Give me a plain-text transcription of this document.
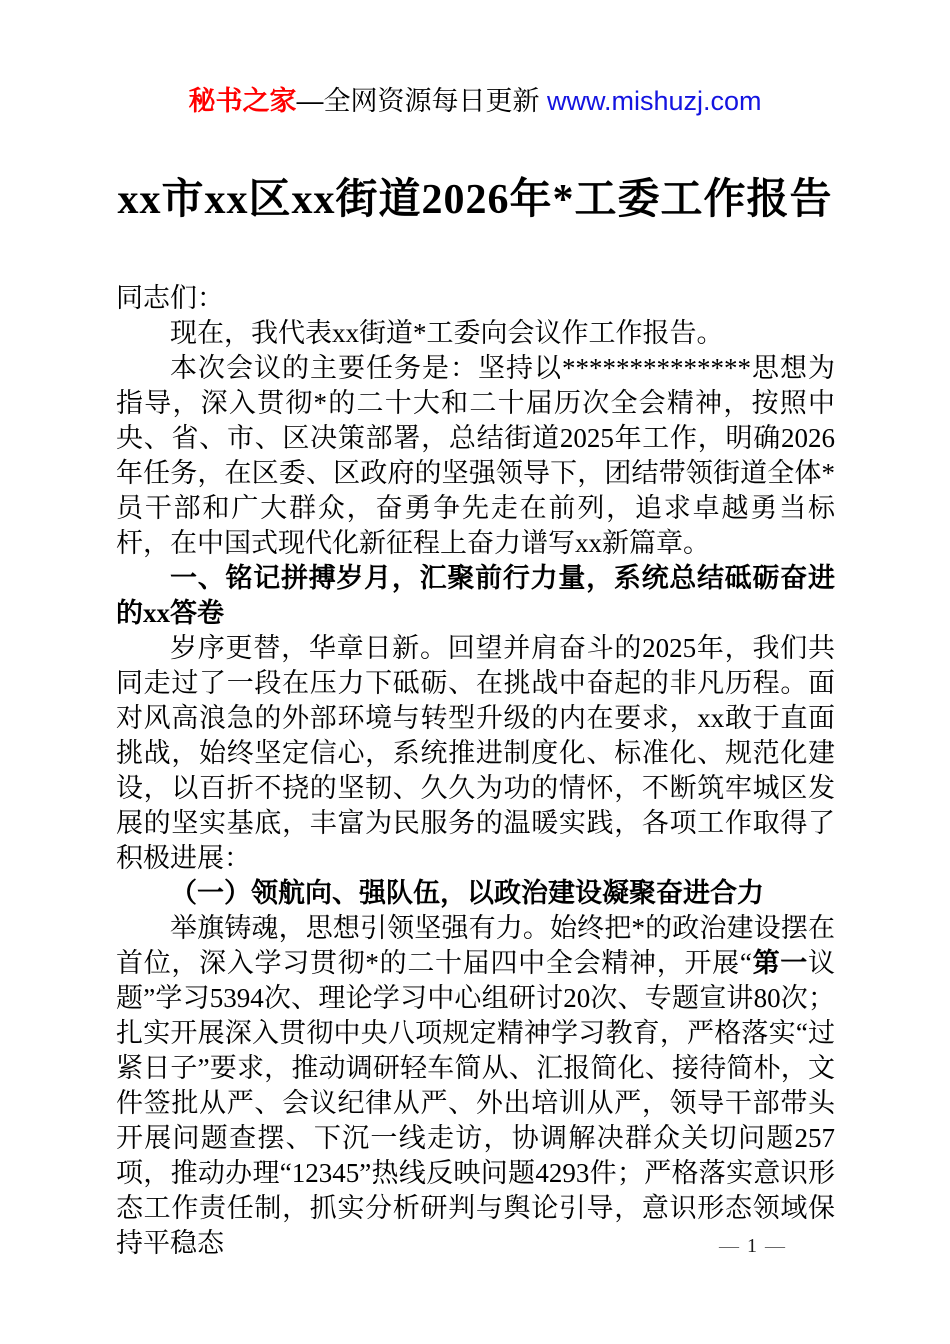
秘书之家—全网资源每日更新 www.mishuzj.com
xx市xx区xx街道2026年*工委工作报告

同志们：

现在，我代表xx街道*工委向会议作工作报告。

本次会议的主要任务是：坚持以**************思想为指导，深入贯彻*的二十大和二十届历次全会精神，按照中央、省、市、区决策部署，总结街道2025年工作，明确2026年任务，在区委、区政府的坚强领导下，团结带领街道全体*员干部和广大群众，奋勇争先走在前列，追求卓越勇当标杆，在中国式现代化新征程上奋力谱写xx新篇章。

一、铭记拼搏岁月，汇聚前行力量，系统总结砥砺奋进的xx答卷

岁序更替，华章日新。回望并肩奋斗的2025年，我们共同走过了一段在压力下砥砺、在挑战中奋起的非凡历程。面对风高浪急的外部环境与转型升级的内在要求，xx敢于直面挑战，始终坚定信心，系统推进制度化、标准化、规范化建设，以百折不挠的坚韧、久久为功的情怀，不断筑牢城区发展的坚实基底，丰富为民服务的温暖实践，各项工作取得了积极进展：

（一）领航向、强队伍，以政治建设凝聚奋进合力

举旗铸魂，思想引领坚强有力。始终把*的政治建设摆在首位，深入学习贯彻*的二十届四中全会精神，开展“第一议题”学习5394次、理论学习中心组研讨20次、专题宣讲80次；扎实开展深入贯彻中央八项规定精神学习教育，严格落实“过紧日子”要求，推动调研轻车简从、汇报简化、接待简朴，文件签批从严、会议纪律从严、外出培训从严，领导干部带头开展问题查摆、下沉一线走访，协调解决群众关切问题257项，推动办理“12345”热线反映问题4293件；严格落实意识形态工作责任制，抓实分析研判与舆论引导，意识形态领域保持平稳态	— 1 —
